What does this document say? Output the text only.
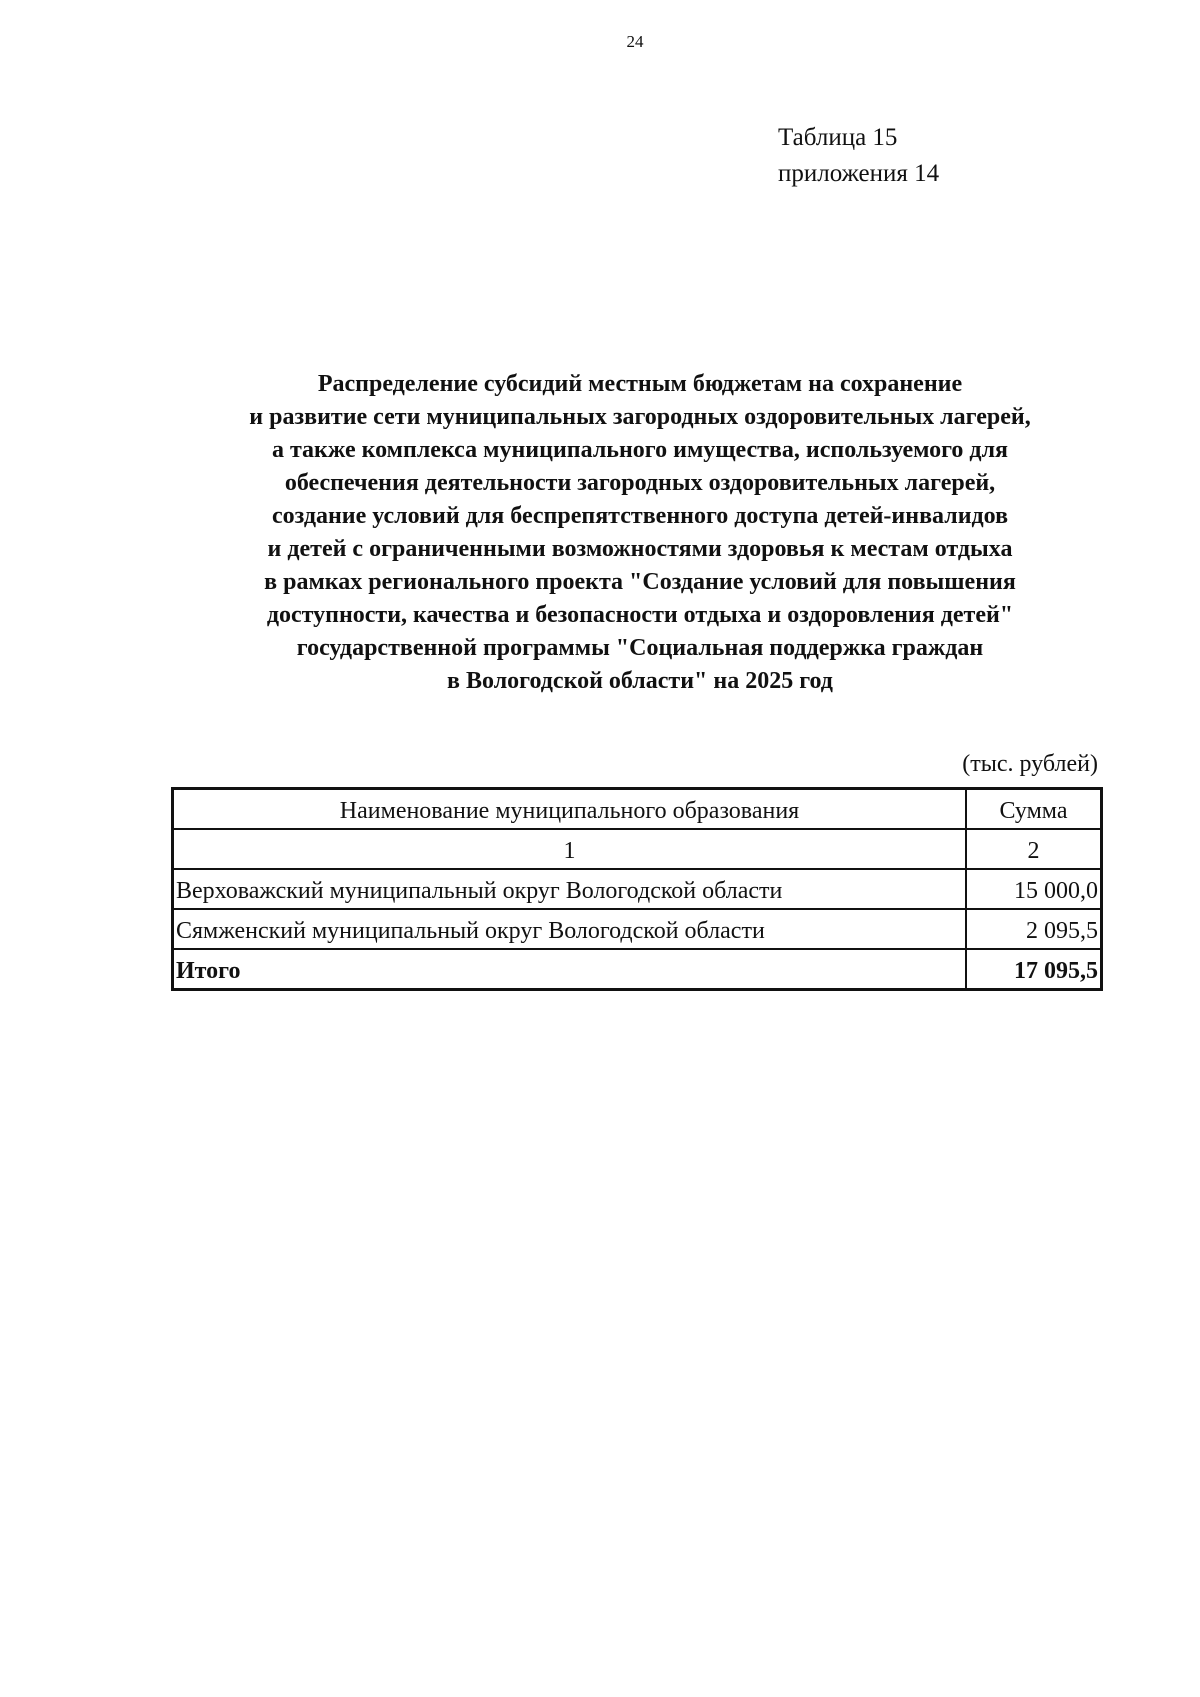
24
Таблица 15
приложения 14
Распределение субсидий местным бюджетам на сохранение
и развитие сети муниципальных загородных оздоровительных лагерей,
а также комплекса муниципального имущества, используемого для
обеспечения деятельности загородных оздоровительных лагерей,
создание условий для беспрепятственного доступа детей-инвалидов
и детей с ограниченными возможностями здоровья к местам отдыха
в рамках регионального проекта "Создание условий для повышения
доступности, качества и безопасности отдыха и оздоровления детей"
государственной программы "Социальная поддержка граждан
в Вологодской области" на 2025 год
(тыс. рублей)
Наименование муниципального образования	Сумма
1	2
Верховажский муниципальный округ Вологодской области	15 000,0
Сямженский муниципальный округ Вологодской области	2 095,5
Итого	17 095,5
